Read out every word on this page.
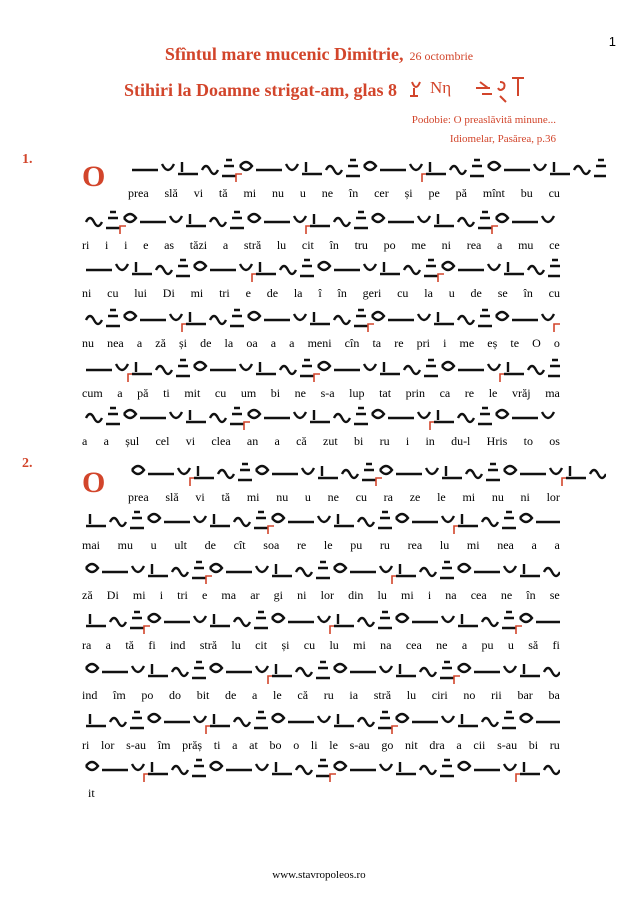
1
Sfîntul mare mucenic Dimitrie, 26 octombrie
Stihiri la Doamne strigat-am, glas 8 Νη
Podobie: O preaslăvită minune...
Idiomelar, Pasărea, p.36
1.
O prea slă vi tă mi nu u ne în cer și pe pă mînt bu cu
ri i i e as tăzi a stră lu cit în tru po me ni rea a mu ce
ni cu lui Di mi tri e de la î în geri cu la u de se în cu
nu nea a ză și de la oa a a meni cîn ta re pri i me eș te O o
cum a pă ti mit cu um bi ne s-a lup tat prin ca re le vrăj ma
a a șul cel vi clea an a că zut bi ru i in du-l Hris to os
2.
O prea slă vi tă mi nu u ne cu ra ze le mi nu ni lor
mai mu u ult de cît soa re le pu ru rea lu mi nea a a
ză Di mi i tri e ma ar gi ni lor din lu mi i na cea ne în se
ra a tă fi ind stră lu cit și cu lu mi na cea ne a pu u să fi
ind îm po do bit de a le că ru ia stră lu ciri no rii bar ba
ri lor s-au îm prăș ti a at bo o li le s-au go nit dra a cii s-au bi ru
it
www.stavropoleos.ro
